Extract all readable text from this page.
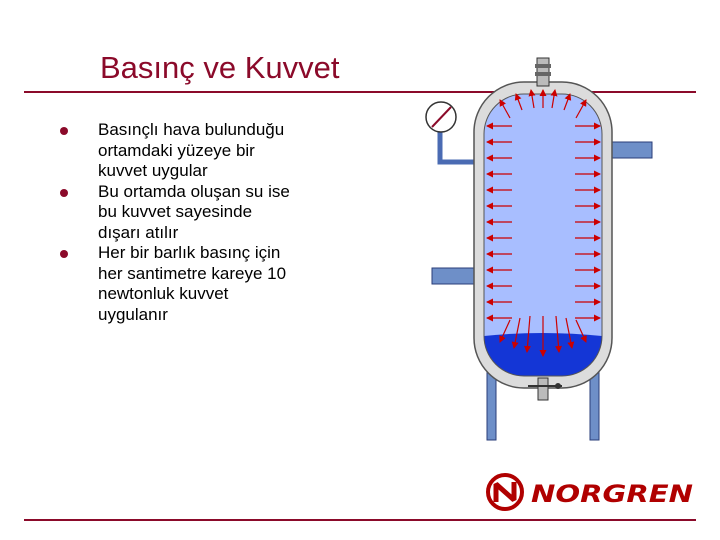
Basınç ve Kuvvet
Basınçlı hava bulunduğu
ortamdaki yüzeye bir
kuvvet uygular
Bu ortamda oluşan su ise
bu kuvvet sayesinde
dışarı atılır
Her bir barlık basınç için
her santimetre kareye 10
newtonluk kuvvet
uygulanır
NORGREN
